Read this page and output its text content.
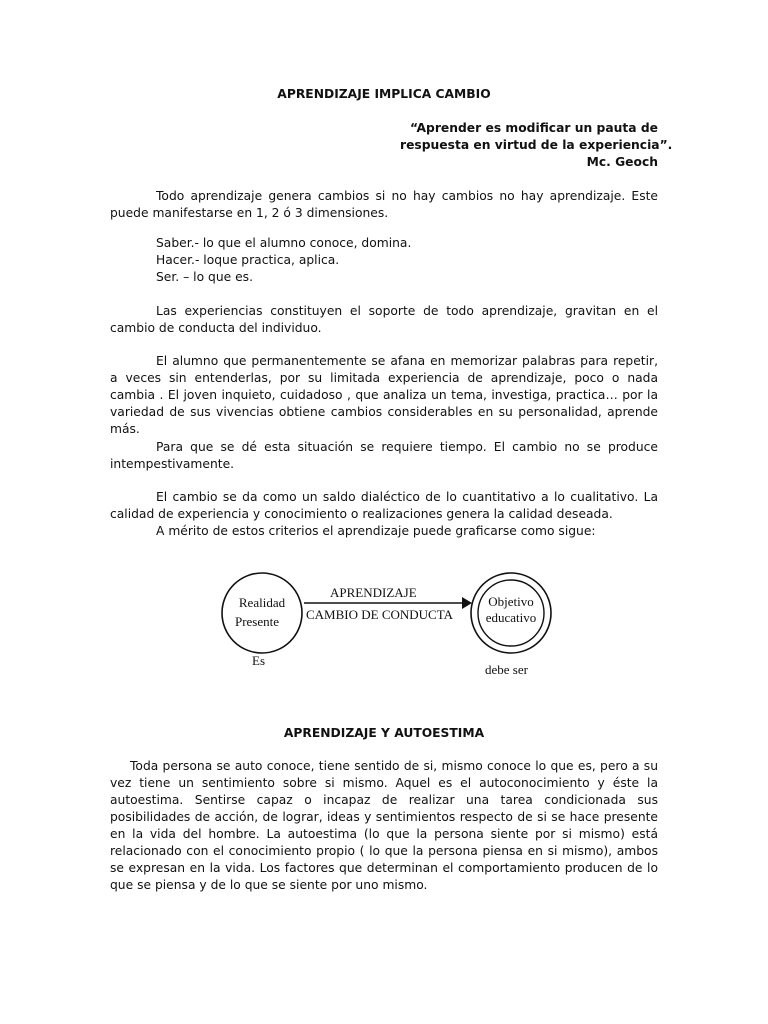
APRENDIZAJE IMPLICA CAMBIO
“Aprender es modificar un pauta de
respuesta en virtud de la experiencia”.
Mc. Geoch

Todo aprendizaje genera cambios si no hay cambios no hay aprendizaje. Este puede manifestarse en 1, 2 ó 3 dimensiones.

Saber.- lo que el alumno conoce, domina.
Hacer.- loque practica, aplica.
Ser. – lo que es.

Las experiencias constituyen el soporte de todo aprendizaje, gravitan en el cambio de conducta del individuo.

El alumno que permanentemente se afana en memorizar palabras para repetir, a veces sin entenderlas, por su limitada experiencia de aprendizaje, poco o nada cambia . El joven inquieto, cuidadoso , que analiza un tema, investiga, practica… por la variedad de sus vivencias obtiene cambios considerables en su personalidad, aprende más.

Para que se dé esta situación se requiere tiempo. El cambio no se produce intempestivamente.

El cambio se da como un saldo dialéctico de lo cuantitativo a lo cualitativo. La calidad de experiencia y conocimiento o realizaciones genera la calidad deseada.

A mérito de estos criterios el aprendizaje puede graficarse como sigue:
Realidad
Presente
Es
APRENDIZAJE
CAMBIO DE CONDUCTA
Objetivo
educativo
debe ser
APRENDIZAJE Y AUTOESTIMA

Toda persona se auto conoce, tiene sentido de si, mismo conoce lo que es, pero a su vez tiene un sentimiento sobre si mismo. Aquel es el autoconocimiento y éste la autoestima. Sentirse capaz o incapaz de realizar una tarea condicionada sus posibilidades de acción, de lograr, ideas y sentimientos respecto de si se hace presente en la vida del hombre. La autoestima (lo que la persona siente por si mismo) está relacionado con el conocimiento propio ( lo que la persona piensa en si mismo), ambos se expresan en la vida. Los factores que determinan el comportamiento producen de lo que se piensa y de lo que se siente por uno mismo.
